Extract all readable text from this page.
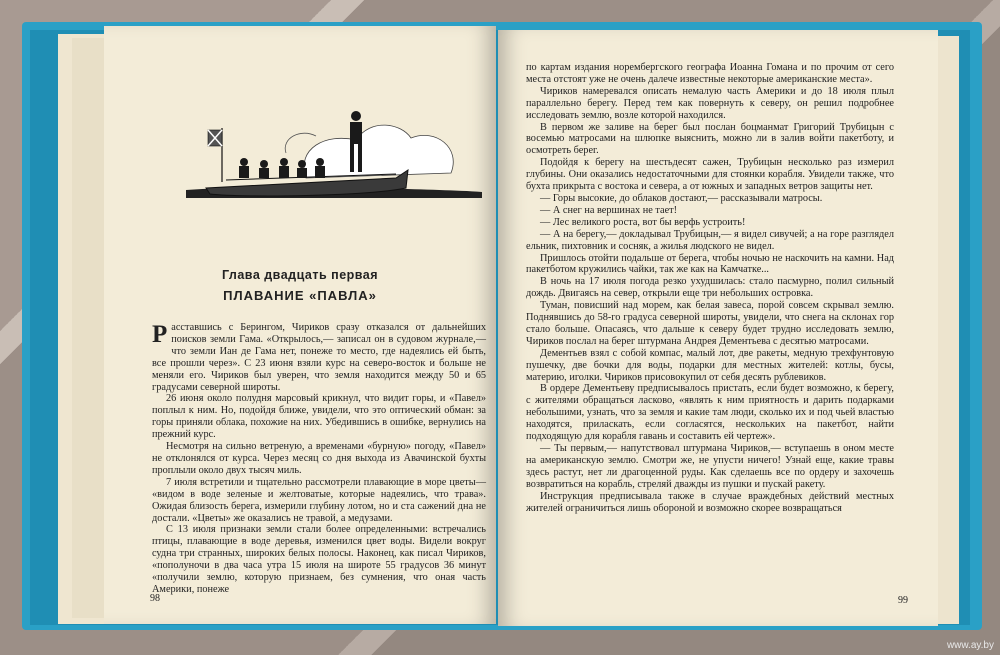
Глава двадцать первая
ПЛАВАНИЕ «ПАВЛА»

Расставшись с Берингом, Чириков сразу отказался от дальнейших поисков земли Гама. «Открылось,— записал он в судовом журнале,— что земли Иан де Гама нет, понеже то место, где надеялись ей быть, все прошли через». С 23 июня взяли курс на северо-восток и больше не меняли его. Чириков был уверен, что земля находится между 50 и 65 градусами северной широты.

26 июня около полудня марсовый крикнул, что видит горы, и «Павел» поплыл к ним. Но, подойдя ближе, увидели, что это оптический обман: за горы приняли облака, похожие на них. Убедившись в ошибке, вернулись на прежний курс.

Несмотря на сильно ветреную, а временами «бурную» погоду, «Павел» не отклонялся от курса. Через месяц со дня выхода из Авачинской бухты проплыли около двух тысяч миль.

7 июля встретили и тщательно рассмотрели плавающие в море цветы— «видом в воде зеленые и желтоватые, которые надеялись, что трава». Ожидая близость берега, измерили глубину лотом, но и ста сажений дна не достали. «Цветы» же оказались не травой, а медузами.

С 13 июля признаки земли стали более определенными: встречались птицы, плавающие в воде деревья, изменился цвет воды. Видели вокруг судна три странных, широких белых полосы. Наконец, как писал Чириков, «пополуночи в два часа утра 15 июля на широте 55 градусов 36 минут «получили землю, которую признаем, без сумнения, что оная часть Америки, понеже

98

по картам издания норембергского географа Иоанна Гомана и по прочим от сего места отстоят уже не очень далече известные некоторые американские места».

Чириков намеревался описать немалую часть Америки и до 18 июля плыл параллельно берегу. Перед тем как повернуть к северу, он решил подробнее исследовать землю, возле которой находился.

В первом же заливе на берег был послан боцманмат Григорий Трубицын с восемью матросами на шлюпке выяснить, можно ли в залив войти пакетботу, и осмотреть берег.

Подойдя к берегу на шестьдесят сажен, Трубицын несколько раз измерил глубины. Они оказались недостаточными для стоянки корабля. Увидели также, что бухта прикрыта с востока и севера, а от южных и западных ветров защиты нет.

— Горы высокие, до облаков достают,— рассказывали матросы.

— А снег на вершинах не тает!

— Лес великого роста, вот бы верфь устроить!

— А на берегу,— докладывал Трубицын,— я видел сивучей; а на горе разглядел ельник, пихтовник и сосняк, а жилья людского не видел.

Пришлось отойти подальше от берега, чтобы ночью не наскочить на камни. Над пакетботом кружились чайки, так же как на Камчатке...

В ночь на 17 июля погода резко ухудшилась: стало пасмурно, полил сильный дождь. Двигаясь на север, открыли еще три небольших островка.

Туман, повисший над морем, как белая завеса, порой совсем скрывал землю. Поднявшись до 58-го градуса северной широты, увидели, что снега на склонах гор стало больше. Опасаясь, что дальше к северу будет трудно исследовать землю, Чириков послал на берег штурмана Андрея Дементьева с десятью матросами.

Дементьев взял с собой компас, малый лот, две ракеты, медную трехфунтовую пушечку, две бочки для воды, подарки для местных жителей: котлы, бусы, материю, иголки. Чириков присовокупил от себя десять рублевиков.

В ордере Дементьеву предписывалось пристать, если будет возможно, к берегу, с жителями обращаться ласково, «являть к ним приятность и дарить подарками небольшими, узнать, что за земля и какие там люди, сколько их и под чьей властью находятся, приласкать, если согласятся, нескольких на пакетбот, найти подходящую для корабля гавань и составить ей чертеж».

— Ты первым,— напутствовал штурмана Чириков,— вступаешь в оном месте на американскую землю. Смотри же, не упусти ничего! Узнай еще, какие травы здесь растут, нет ли драгоценной руды. Как сделаешь все по ордеру и захочешь возвратиться на корабль, стреляй дважды из пушки и пускай ракету.

Инструкция предписывала также в случае враждебных действий местных жителей ограничиться лишь обороной и возможно скорее возвращаться

99
www.ay.by
